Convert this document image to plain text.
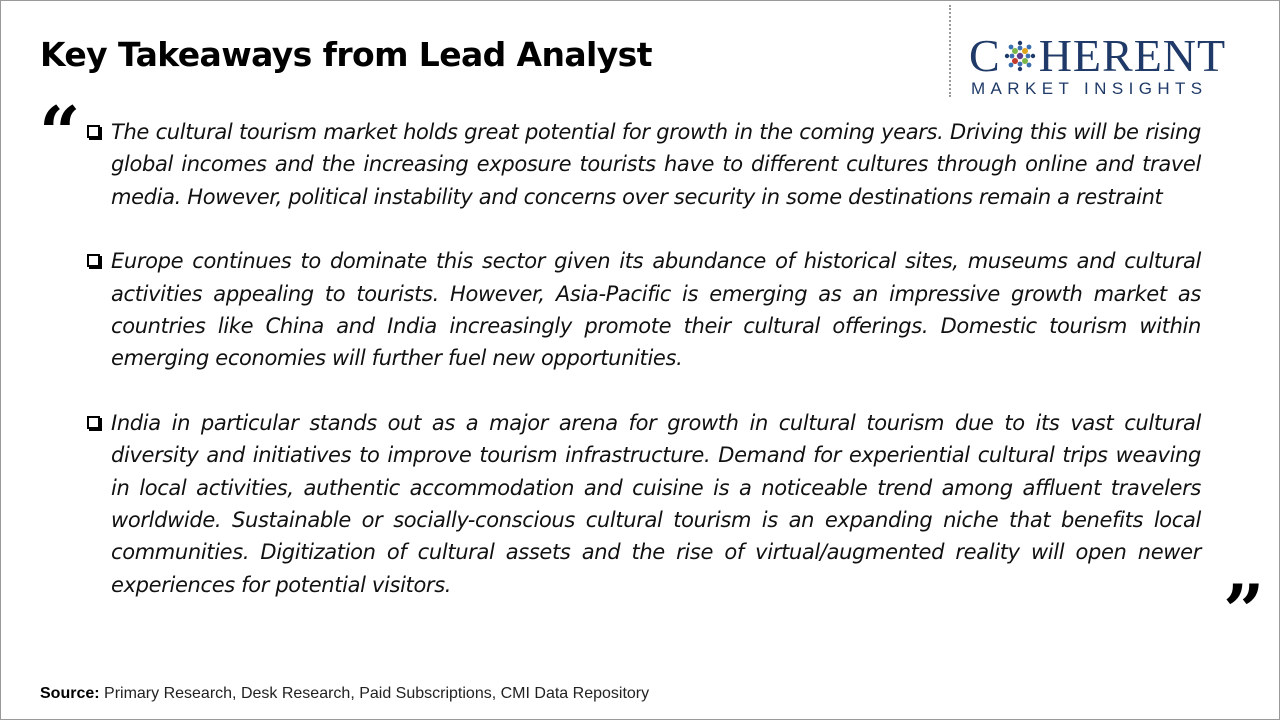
Key Takeaways from Lead Analyst	C HERENT
MARKET INSIGHTS
“	The cultural tourism market holds great potential for growth in the coming years. Driving this will be rising global incomes and the increasing exposure tourists have to different cultures through online and travel media. However, political instability and concerns over security in some destinations remain a restraint
Europe continues to dominate this sector given its abundance of historical sites, museums and cultural activities appealing to tourists. However, Asia-Pacific is emerging as an impressive growth market as countries like China and India increasingly promote their cultural offerings. Domestic tourism within emerging economies will further fuel new opportunities.
India in particular stands out as a major arena for growth in cultural tourism due to its vast cultural diversity and initiatives to improve tourism infrastructure. Demand for experiential cultural trips weaving in local activities, authentic accommodation and cuisine is a noticeable trend among affluent travelers worldwide. Sustainable or socially-conscious cultural tourism is an expanding niche that benefits local communities. Digitization of cultural assets and the rise of virtual/augmented reality will open newer experiences for potential visitors.	”
Source: Primary Research, Desk Research, Paid Subscriptions, CMI Data Repository
